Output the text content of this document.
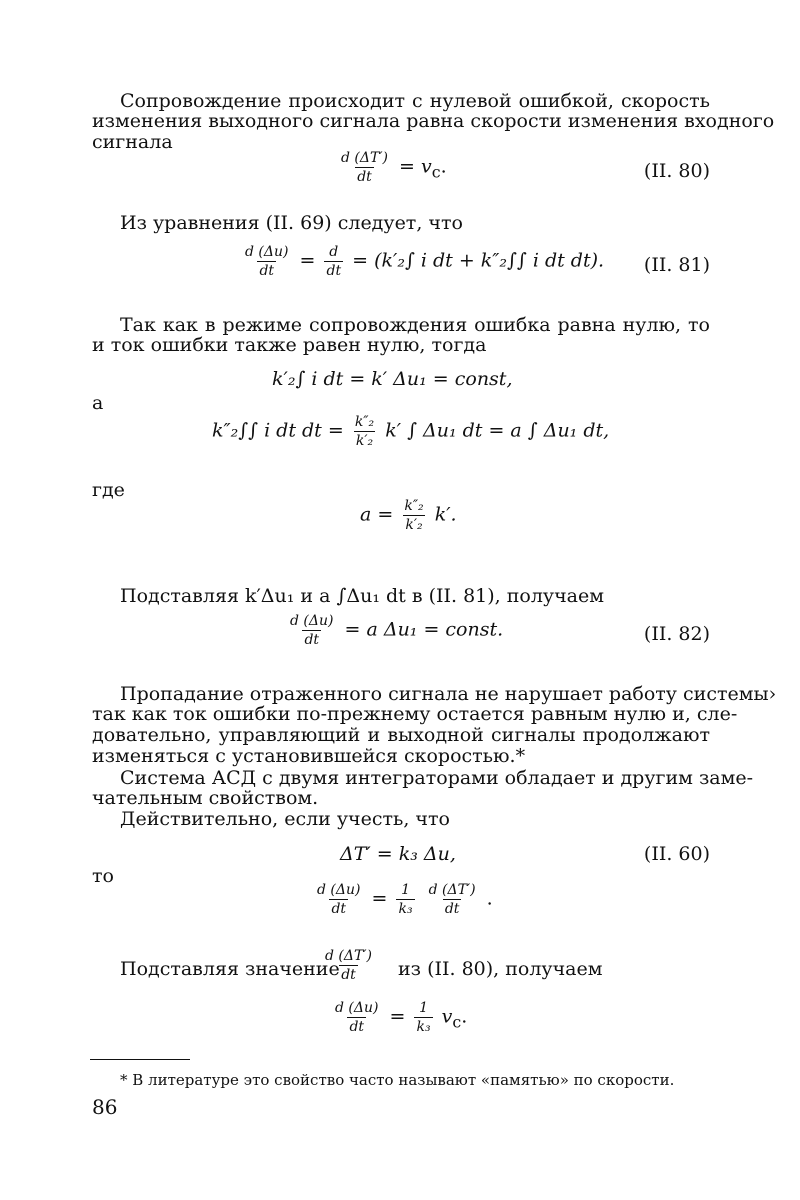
Сопровождение происходит с нулевой ошибкой, скорость
изменения выходного сигнала равна скорости изменения входного
сигнала
$\frac{d (\Delta T')}{dt} = v_c$.	(II. 80)
Из уравнения (II. 69) следует, что
$\frac{d (\Delta u)}{dt} = \frac{d}{dt} = (k'_2\int$ i dt + k″₂∫∫ i dt dt). (II. 81)
Так как в режиме сопровождения ошибка равна нулю, то
и ток ошибки также равен нулю, тогда
k′₂∫ i dt = k′ Δu₁ = const,
а
k″₂∫∫ i dt dt = $\frac{\text{k″₂}}{\text{k′₂}} k'$ ∫ Δu₁ dt = a ∫ Δu₁ dt,
где
$a = \frac{\text{k″₂}}{\text{k′₂}} k'$.
Подставляя k′Δu₁ и a ∫Δu₁ dt в (II. 81), получаем
$\frac{d (\Delta u)}{dt} = a$ Δu₁ = const.	(II. 82)
Пропадание отраженного сигнала не нарушает работу системы›
так как ток ошибки по-прежнему остается равным нулю и, сле-
довательно, управляющий и выходной сигналы продолжают
изменяться с установившейся скоростью.*
Система АСД с двумя интеграторами обладает и другим заме-
чательным свойством.
Действительно, если учесть, что
ΔT′ = k₃ Δu,	(II. 60)
то
$\frac{d (\Delta u)}{dt} = \frac{1}{\text{k₃}}$
$\frac{d (\Delta T')}{dt}$ .
Подставляя значение
$\frac{d (\Delta T')}{dt}$ из (II. 80), получаем
$\frac{d (\Delta u)}{dt} = \frac{1}{\text{k₃}} v_c$.
* В литературе это свойство часто называют «памятью» по скорости.
86
